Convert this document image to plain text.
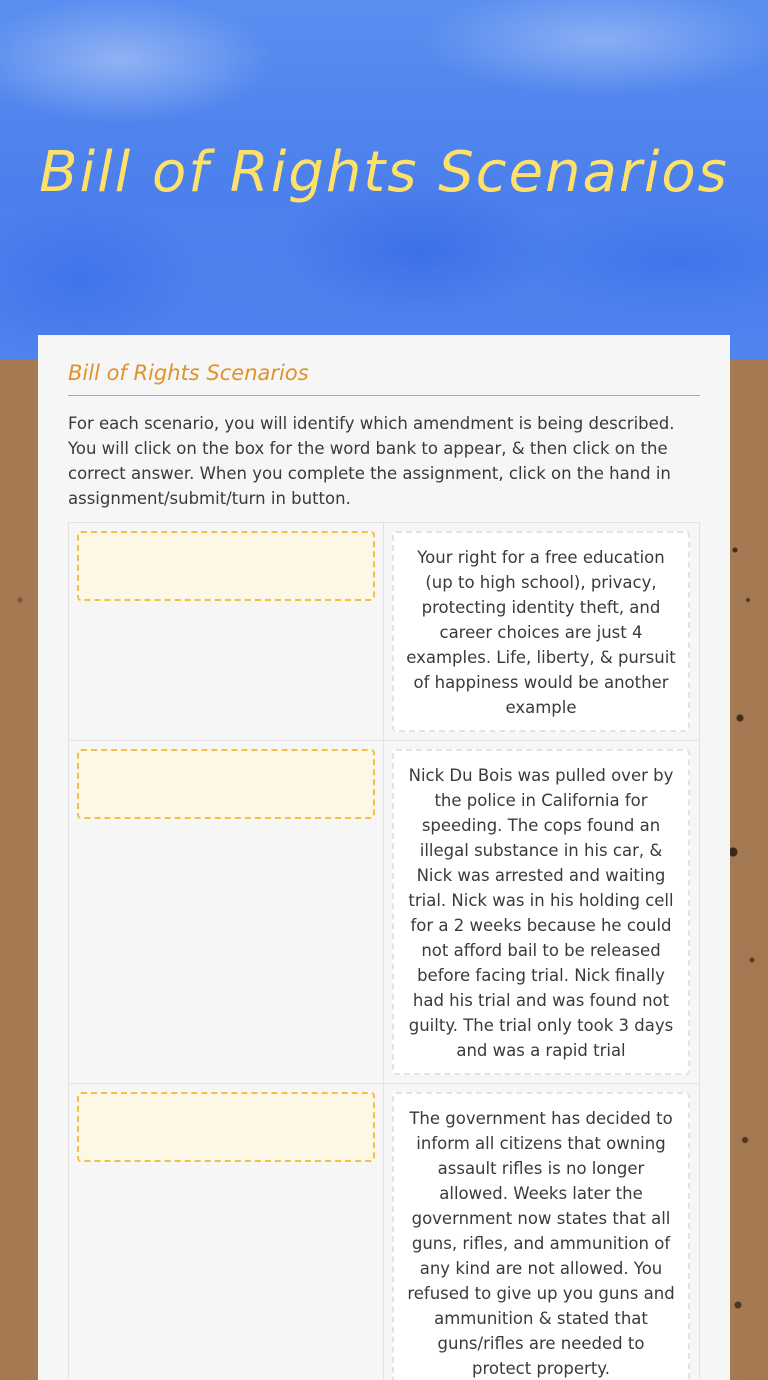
Bill of Rights Scenarios
Bill of Rights Scenarios

For each scenario, you will identify which amendment is being described. You will click on the box for the word bank to appear, & then click on the correct answer. When you complete the assignment, click on the hand in assignment/submit/turn in button.

Your right for a free education (up to high school), privacy, protecting identity theft, and career choices are just 4 examples. Life, liberty, & pursuit of happiness would be another example
Nick Du Bois was pulled over by the police in California for speeding. The cops found an illegal substance in his car, & Nick was arrested and waiting trial. Nick was in his holding cell for a 2 weeks because he could not afford bail to be released before facing trial. Nick finally had his trial and was found not guilty. The trial only took 3 days and was a rapid trial
The government has decided to inform all citizens that owning assault rifles is no longer allowed. Weeks later the government now states that all guns, rifles, and ammunition of any kind are not allowed. You refused to give up you guns and ammunition & stated that guns/rifles are needed to protect property.
